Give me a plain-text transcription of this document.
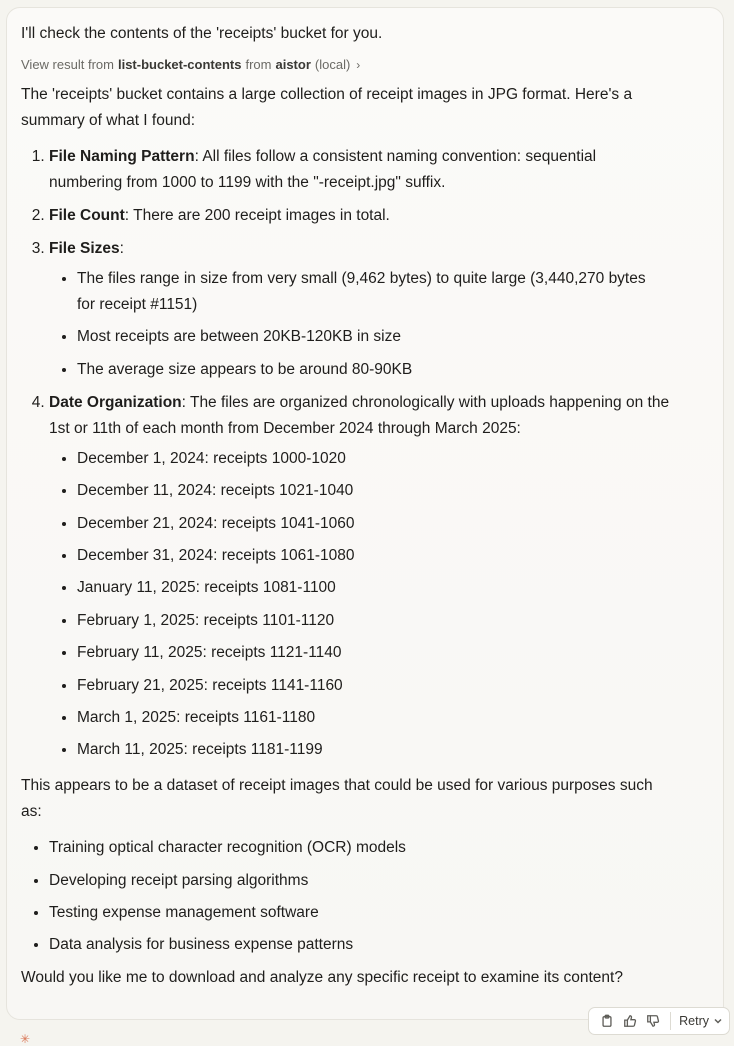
I'll check the contents of the 'receipts' bucket for you.

View result from list-bucket-contents from aistor (local) ›

The 'receipts' bucket contains a large collection of receipt images in JPG format. Here's a summary of what I found:

1. File Naming Pattern: All files follow a consistent naming convention: sequential numbering from 1000 to 1199 with the "-receipt.jpg" suffix.
2. File Count: There are 200 receipt images in total.
3. File Sizes:
• The files range in size from very small (9,462 bytes) to quite large (3,440,270 bytes for receipt #1151)
• Most receipts are between 20KB-120KB in size
• The average size appears to be around 80-90KB
4. Date Organization: The files are organized chronologically with uploads happening on the 1st or 11th of each month from December 2024 through March 2025:
• December 1, 2024: receipts 1000-1020
• December 11, 2024: receipts 1021-1040
• December 21, 2024: receipts 1041-1060
• December 31, 2024: receipts 1061-1080
• January 11, 2025: receipts 1081-1100
• February 1, 2025: receipts 1101-1120
• February 11, 2025: receipts 1121-1140
• February 21, 2025: receipts 1141-1160
• March 1, 2025: receipts 1161-1180
• March 11, 2025: receipts 1181-1199

This appears to be a dataset of receipt images that could be used for various purposes such as:

• Training optical character recognition (OCR) models
• Developing receipt parsing algorithms
• Testing expense management software
• Data analysis for business expense patterns

Would you like me to download and analyze any specific receipt to examine its content?

Retry
✳
